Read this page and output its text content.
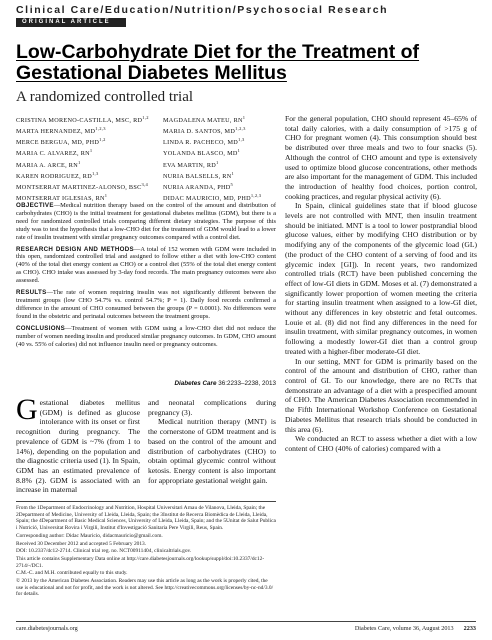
Clinical Care/Education/Nutrition/Psychosocial Research
ORIGINAL ARTICLE
Low-Carbohydrate Diet for the Treatment of Gestational Diabetes Mellitus
A randomized controlled trial
CRISTINA MORENO-CASTILLA, MSC, RD$^{1,2}$
MARTA HERNANDEZ, MD$^{1,2,3}$
MERCE BERGUA, MD, PHD$^{1,2}$
MARIA C. ALVAREZ, $RN^1$
MARIA A. ARCE, $RN^1$
KAREN RODRIGUEZ, RD$^{1,3}$
MONTSERRAT MARTINEZ-ALONSO, BSC$^{3,4}$
MONTSERRAT IGLESIAS, $RN^1$
MAGDALENA MATEU, $RN^1$
MARIA D. SANTOS, MD$^{1,2,3}$
LINDA R. PACHECO, MD$^{1,3}$
YOLANDA BLASCO, $MD^1$
EVA MARTIN, $RD^1$
NURIA BALSELLS, $RN^1$
NURIA ARANDA, PHD$^5$
DIDAC MAURICIO, MD, PHD$^{1,2,3}$

OBJECTIVE—Medical nutrition therapy based on the control of the amount and distribution of carbohydrates (CHO) is the initial treatment for gestational diabetes mellitus (GDM), but there is a need for randomized controlled trials comparing different dietary strategies. The purpose of this study was to test the hypothesis that a low-CHO diet for the treatment of GDM would lead to a lower rate of insulin treatment with similar pregnancy outcomes compared with a control diet.

RESEARCH DESIGN AND METHODS—A total of 152 women with GDM were included in this open, randomized controlled trial and assigned to follow either a diet with low-CHO content (40% of the total diet energy content as CHO) or a control diet (55% of the total diet energy content as CHO). CHO intake was assessed by 3-day food records. The main pregnancy outcomes were also assessed.

RESULTS—The rate of women requiring insulin was not significantly different between the treatment groups (low CHO 54.7% vs. control 54.7%; P = 1). Daily food records confirmed a difference in the amount of CHO consumed between the groups (P = 0.0001). No differences were found in the obstetric and perinatal outcomes between the treatment groups.

CONCLUSIONS—Treatment of women with GDM using a low-CHO diet did not reduce the number of women needing insulin and produced similar pregnancy outcomes. In GDM, CHO amount (40 vs. 55% of calories) did not influence insulin need or pregnancy outcomes.

Diabetes Care 36:2233–2238, 2013
Gestational diabetes mellitus (GDM) is defined as glucose intolerance with its onset or first recognition during pregnancy. The prevalence of GDM is ~7% (from 1 to 14%), depending on the population and the diagnostic criteria used (1). In Spain, GDM has an estimated prevalence of 8.8% (2). GDM is associated with an increase in maternal

and neonatal complications during pregnancy (3).

Medical nutrition therapy (MNT) is the cornerstone of GDM treatment and is based on the control of the amount and distribution of carbohydrates (CHO) to obtain optimal glycemic control without ketosis. Energy content is also important for appropriate gestational weight gain.

For the general population, CHO should represent 45–65% of total daily calories, with a daily consumption of >175 g of CHO for pregnant women (4). This consumption should best be distributed over three meals and two to four snacks (5). Although the control of CHO amount and type is extensively used to optimize blood glucose concentrations, other methods are also important for the management of GDM. This included the introduction of healthy food choices, portion control, cooking practices, and regular physical activity (6).

In Spain, clinical guidelines state that if blood glucose levels are not controlled with MNT, then insulin treatment should be initiated. MNT is a tool to lower postprandial blood glucose values, either by modifying CHO distribution or by modifying any of the components of the glycemic load (GL) (the product of the CHO content of a serving of food and its glycemic index [GI]). In recent years, two randomized controlled trials (RCT) have been published concerning the effect of low-GI diets in GDM. Moses et al. (7) demonstrated a significantly lower proportion of women meeting the criteria for starting insulin treatment when assigned to a low-GI diet, without any differences in key obstetric and fetal outcomes. Louie et al. (8) did not find any differences in the need for insulin treatment, with similar pregnancy outcomes, in women following a modestly lower-GI diet than a control group treated with a higher-fiber moderate-GI diet.

In our setting, MNT for GDM is primarily based on the control of the amount and distribution of CHO, rather than control of GI. To our knowledge, there are no RCTs that demonstrate an advantage of a diet with a prespecified amount of CHO. The American Diabetes Association recommended in the Fifth International Workshop Conference on Gestational Diabetes Mellitus that research trials should be conducted in this area (6).

We conducted an RCT to assess whether a diet with a low content of CHO (40% of calories) compared with a

From the 1Department of Endocrinology and Nutrition, Hospital Universitari Arnau de Vilanova, Lleida, Spain; the 2Department of Medicine, University of Lleida, Lleida, Spain; the 3Institut de Recerca Biomèdica de Lleida, Lleida, Spain; the 4Department of Basic Medical Sciences, University of Lleida, Lleida, Spain; and the 5Unitat de Salut Publica i Nutrició, Universitat Rovira i Virgili, Institut d'Investigació Sanitaria Pere Virgili, Reus, Spain.

Corresponding author: Didac Mauricio, didacmauricio@gmail.com.

Received 30 December 2012 and accepted 5 February 2013.

DOI: 10.2337/dc12-2714. Clinical trial reg. no. NCT00911404, clinicaltrials.gov.

This article contains Supplementary Data online at http://care.diabetesjournals.org/lookup/suppl/doi:10.2337/dc12-2714/-/DC1.

C.M.-C. and M.H. contributed equally to this study.

© 2013 by the American Diabetes Association. Readers may use this article as long as the work is properly cited, the use is educational and not for profit, and the work is not altered. See http://creativecommons.org/licenses/by-nc-nd/3.0/ for details.

care.diabetesjournals.org	Diabetes Care, volume 36, August 2013 2233
